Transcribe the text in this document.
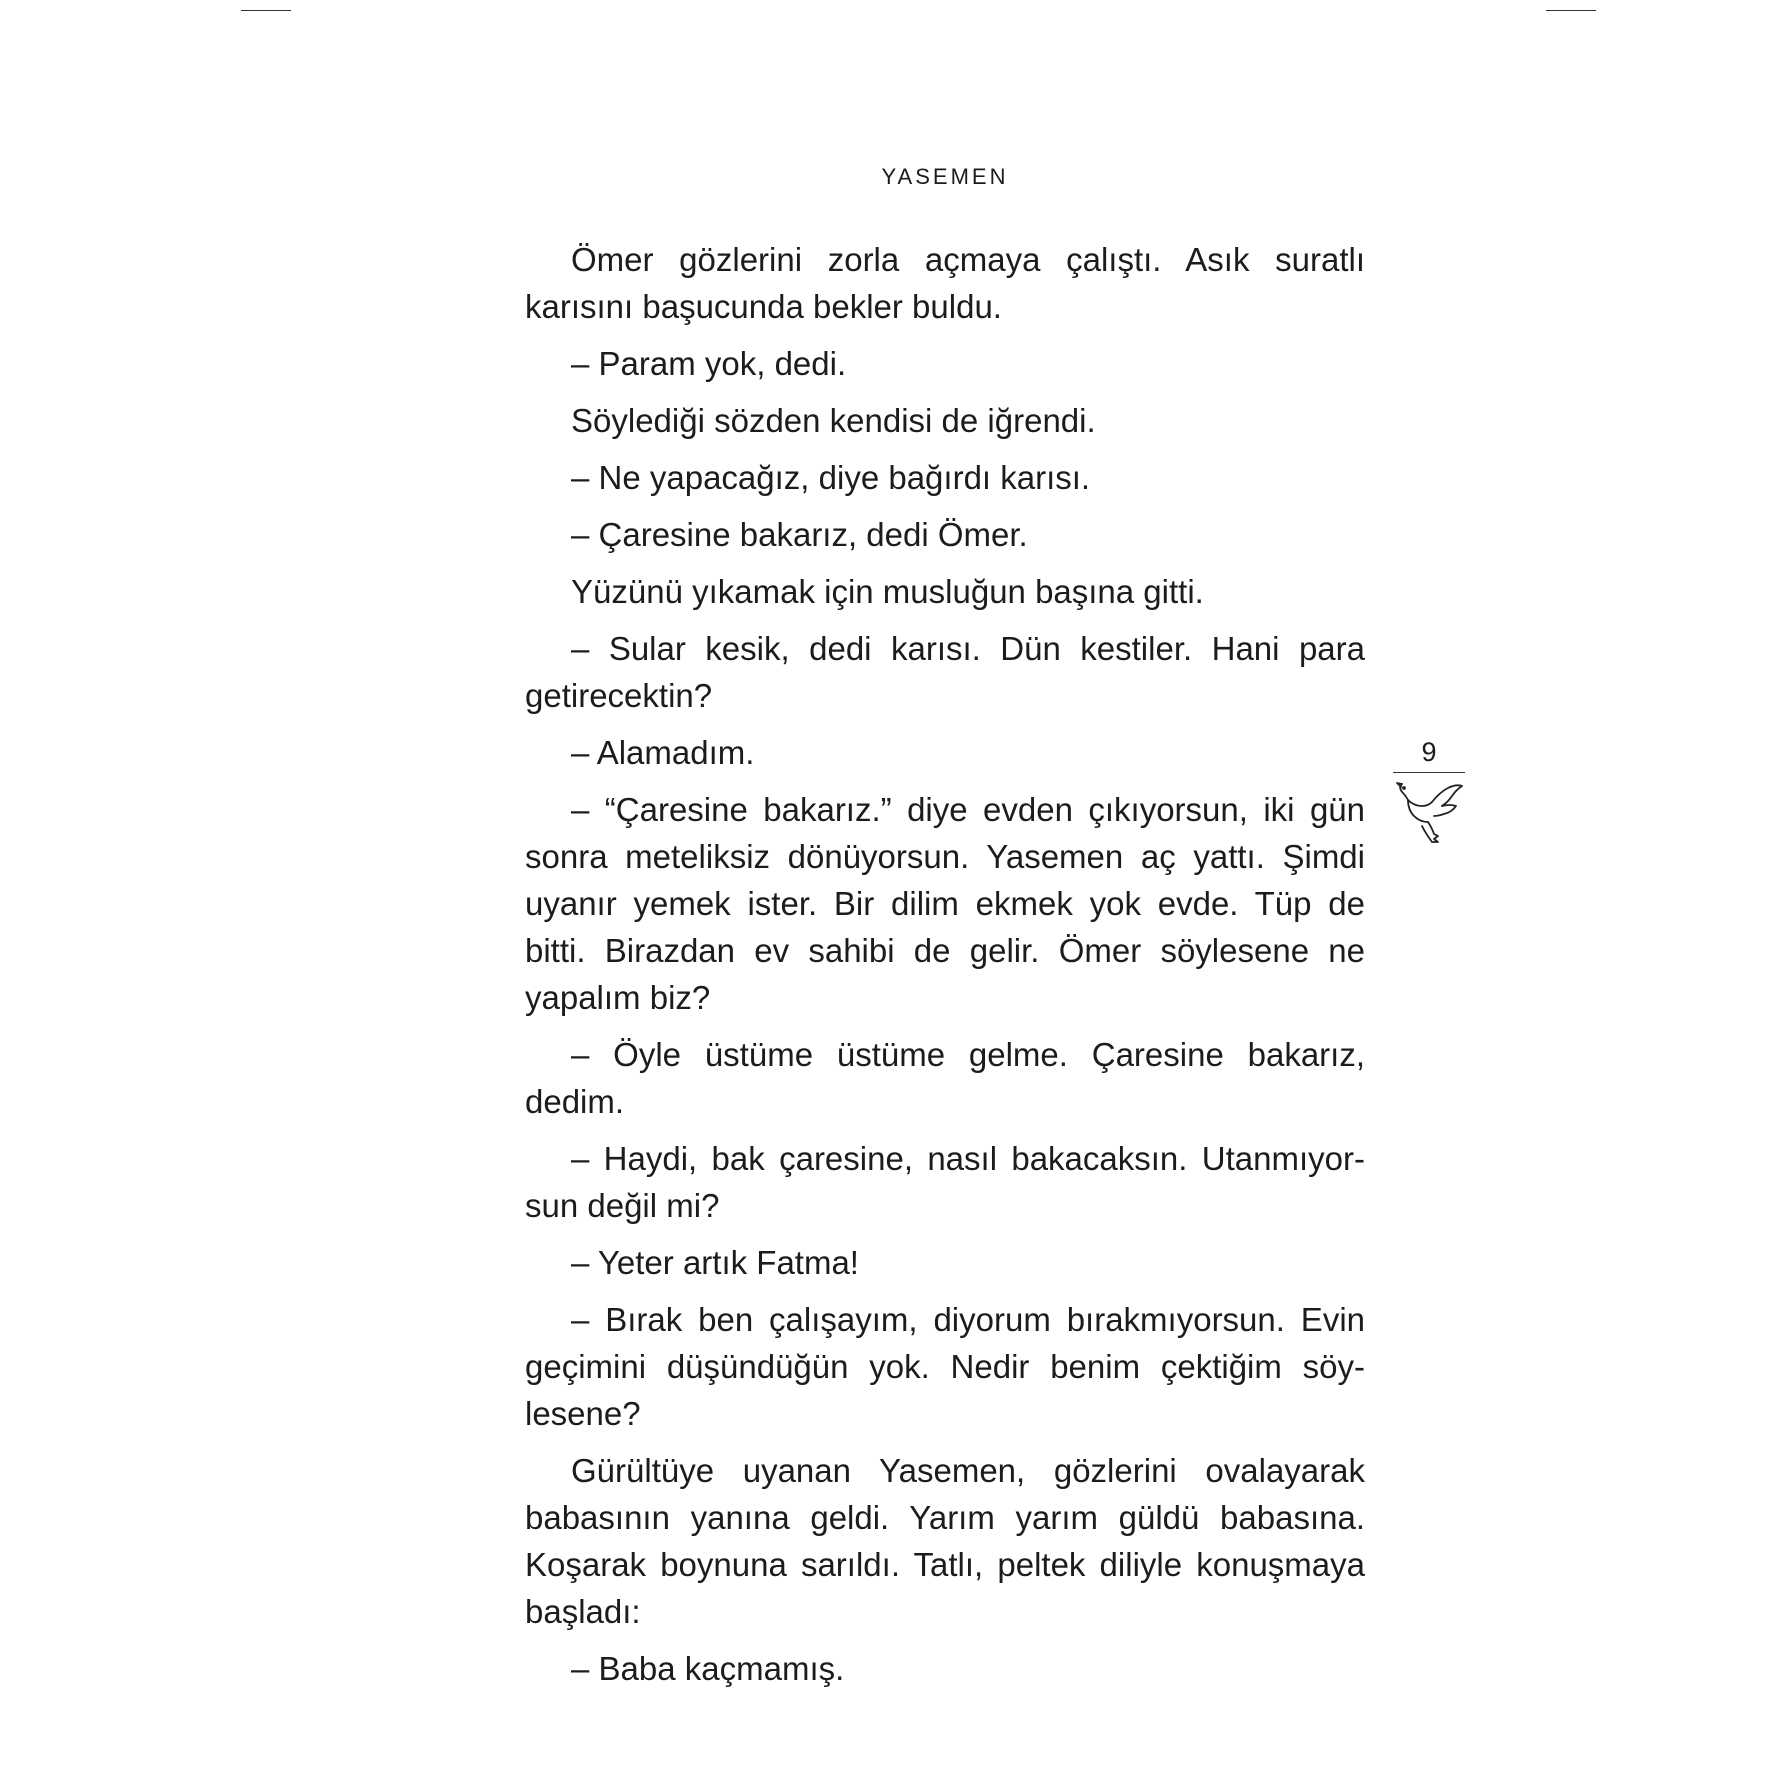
YASEMEN

Ömer gözlerini zorla açmaya çalıştı. Asık suratlı karısını başucunda bekler buldu.

– Param yok, dedi.

Söylediği sözden kendisi de iğrendi.

– Ne yapacağız, diye bağırdı karısı.

– Çaresine bakarız, dedi Ömer.

Yüzünü yıkamak için musluğun başına gitti.

– Sular kesik, dedi karısı. Dün kestiler. Hani para getirecektin?

– Alamadım.

– “Çaresine bakarız.” diye evden çıkıyorsun, iki gün sonra meteliksiz dönüyorsun. Yasemen aç yattı. Şimdi uyanır yemek ister. Bir dilim ekmek yok evde. Tüp de bitti. Birazdan ev sahibi de gelir. Ömer söylesene ne yapalım biz?

– Öyle üstüme üstüme gelme. Çaresine bakarız, dedim.

– Haydi, bak çaresine, nasıl bakacaksın. Utanmıyorsun değil mi?

– Yeter artık Fatma!

– Bırak ben çalışayım, diyorum bırakmıyorsun. Evin geçimini düşündüğün yok. Nedir benim çektiğim söylesene?

Gürültüye uyanan Yasemen, gözlerini ovalayarak babasının yanına geldi. Yarım yarım güldü babasına. Koşarak boynuna sarıldı. Tatlı, peltek diliyle konuşmaya başladı:

– Baba kaçmamış.

9
